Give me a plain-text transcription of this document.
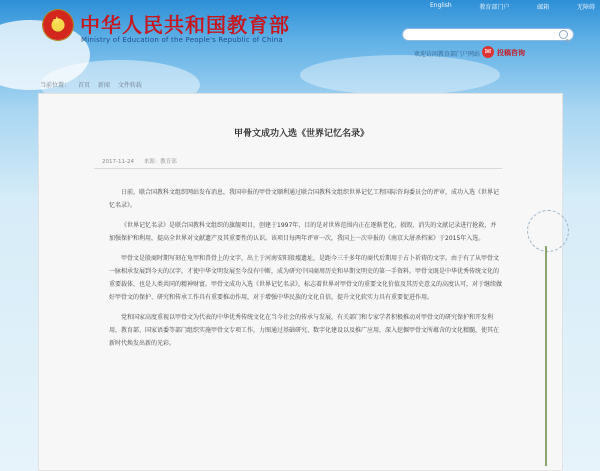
★ 中华人民共和国教育部
Ministry of Education of the People's Republic of China
English	教育部门户	邮箱	无障碍
欢迎访问教育部门户网站 ✉ 投稿咨询
当前位置： 首页 新闻 文件转载
甲骨文成功入选《世界记忆名录》
2017-11-24 来源：教育部

日前，联合国教科文组织网站发布消息，我国申报的甲骨文顺利通过联合国教科文组织世界记忆工程国际咨询委员会的评审，成功入选《世界记忆名录》。

《世界记忆名录》是联合国教科文组织的旗舰项目，创建于1997年，目的是对世界范围内正在逐渐老化、损毁、消失的文献记录进行抢救，并加强保护和利用，提高全世界对文献遗产及其重要性的认识。该项目每两年评审一次，我国上一次申报的《南京大屠杀档案》于2015年入选。

甲骨文是殷商时期写刻在龟甲和兽骨上的文字，出土于河南安阳殷墟遗址，是距今三千多年的商代后期用于占卜祈祷的文字。由于有了从甲骨文一脉相承发展到今天的汉字，才使中华文明发展至今没有中断，成为研究中国商周历史和早期文明史的第一手资料。甲骨文既是中华优秀传统文化的重要载体，也是人类共同的精神财富。甲骨文成功入选《世界记忆名录》，标志着世界对甲骨文的重要文化价值及其历史意义的高度认可，对于继续做好甲骨文的保护、研究和传承工作具有重要推动作用，对于增强中华民族的文化自信，提升文化软实力具有重要促进作用。

党和国家高度重视以甲骨文为代表的中华优秀传统文化在当今社会的传承与发展，有关部门和专家学者积极推动对甲骨文的研究保护和开发利用，教育部、国家语委等部门组织实施甲骨文专项工作，力图通过基础研究、数字化建设以及推广应用，深入挖掘甲骨文所蕴含的文化精髓，使其在新时代焕发出新的光彩。
